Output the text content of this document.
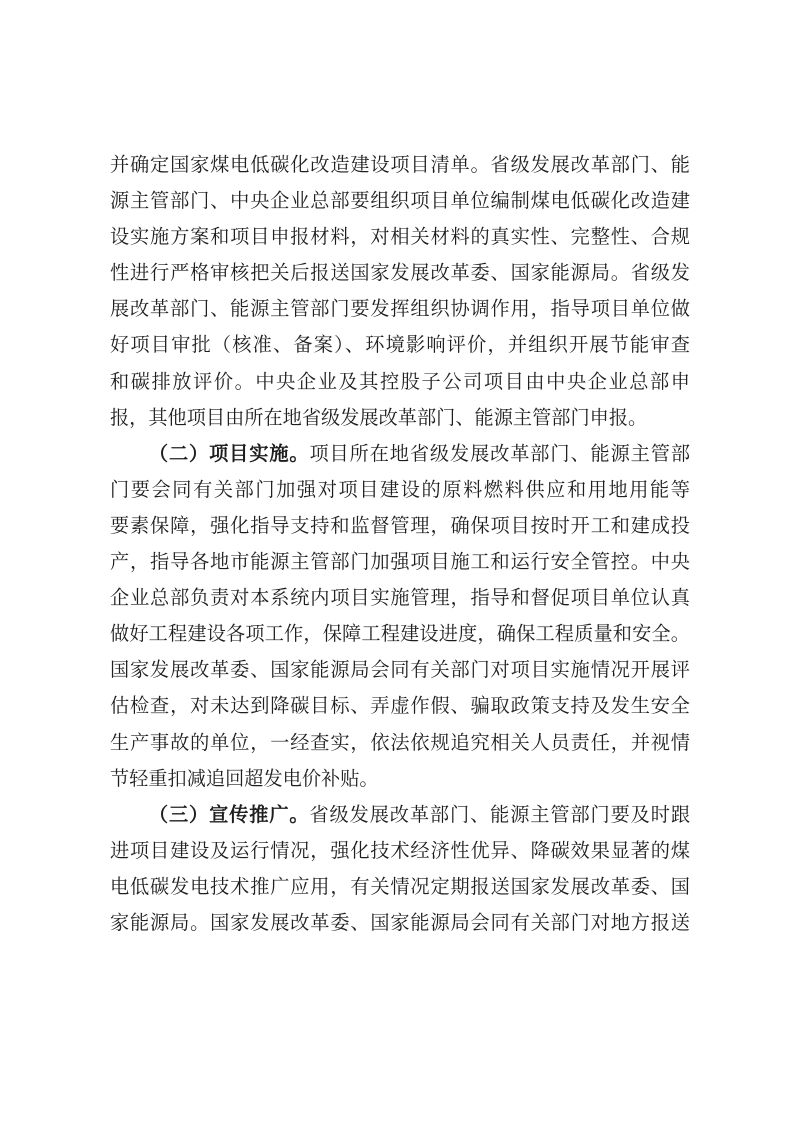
并确定国家煤电低碳化改造建设项目清单。省级发展改革部门、能
源主管部门、中央企业总部要组织项目单位编制煤电低碳化改造建
设实施方案和项目申报材料，对相关材料的真实性、完整性、合规
性进行严格审核把关后报送国家发展改革委、国家能源局。省级发
展改革部门、能源主管部门要发挥组织协调作用，指导项目单位做
好项目审批（核准、备案）、环境影响评价，并组织开展节能审查
和碳排放评价。中央企业及其控股子公司项目由中央企业总部申
报，其他项目由所在地省级发展改革部门、能源主管部门申报。
（二）项目实施。项目所在地省级发展改革部门、能源主管部
门要会同有关部门加强对项目建设的原料燃料供应和用地用能等
要素保障，强化指导支持和监督管理，确保项目按时开工和建成投
产，指导各地市能源主管部门加强项目施工和运行安全管控。中央
企业总部负责对本系统内项目实施管理，指导和督促项目单位认真
做好工程建设各项工作，保障工程建设进度，确保工程质量和安全。
国家发展改革委、国家能源局会同有关部门对项目实施情况开展评
估检查，对未达到降碳目标、弄虚作假、骗取政策支持及发生安全
生产事故的单位，一经查实，依法依规追究相关人员责任，并视情
节轻重扣减追回超发电价补贴。
（三）宣传推广。省级发展改革部门、能源主管部门要及时跟
进项目建设及运行情况，强化技术经济性优异、降碳效果显著的煤
电低碳发电技术推广应用，有关情况定期报送国家发展改革委、国
家能源局。国家发展改革委、国家能源局会同有关部门对地方报送
